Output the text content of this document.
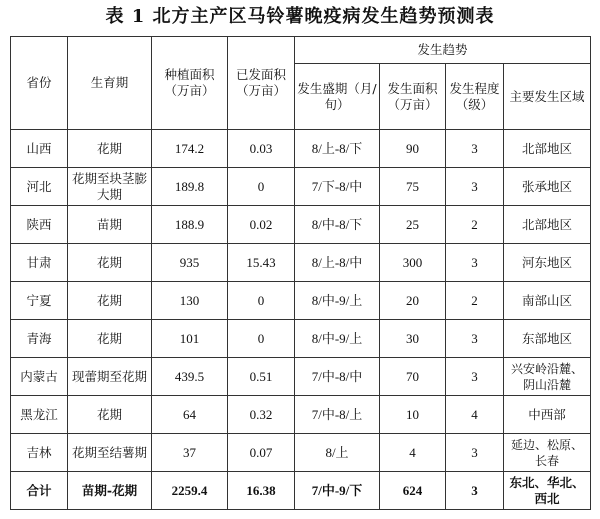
表 1 北方主产区马铃薯晚疫病发生趋势预测表
省份	生育期	种植面积（万亩）	已发面积（万亩）	发生趋势			
				发生盛期（月/旬）	发生面积（万亩）	发生程度（级）	主要发生区域
山西	花期	174.2	0.03	8/上-8/下	90	3	北部地区
河北	花期至块茎膨大期	189.8	0	7/下-8/中	75	3	张承地区
陕西	苗期	188.9	0.02	8/中-8/下	25	2	北部地区
甘肃	花期	935	15.43	8/上-8/中	300	3	河东地区
宁夏	花期	130	0	8/中-9/上	20	2	南部山区
青海	花期	101	0	8/中-9/上	30	3	东部地区
内蒙古	现蕾期至花期	439.5	0.51	7/中-8/中	70	3	兴安岭沿麓、阴山沿麓
黑龙江	花期	64	0.32	7/中-8/上	10	4	中西部
吉林	花期至结薯期	37	0.07	8/上	4	3	延边、松原、长春
合计	苗期-花期	2259.4	16.38	7/中-9/下	624	3	东北、华北、西北
